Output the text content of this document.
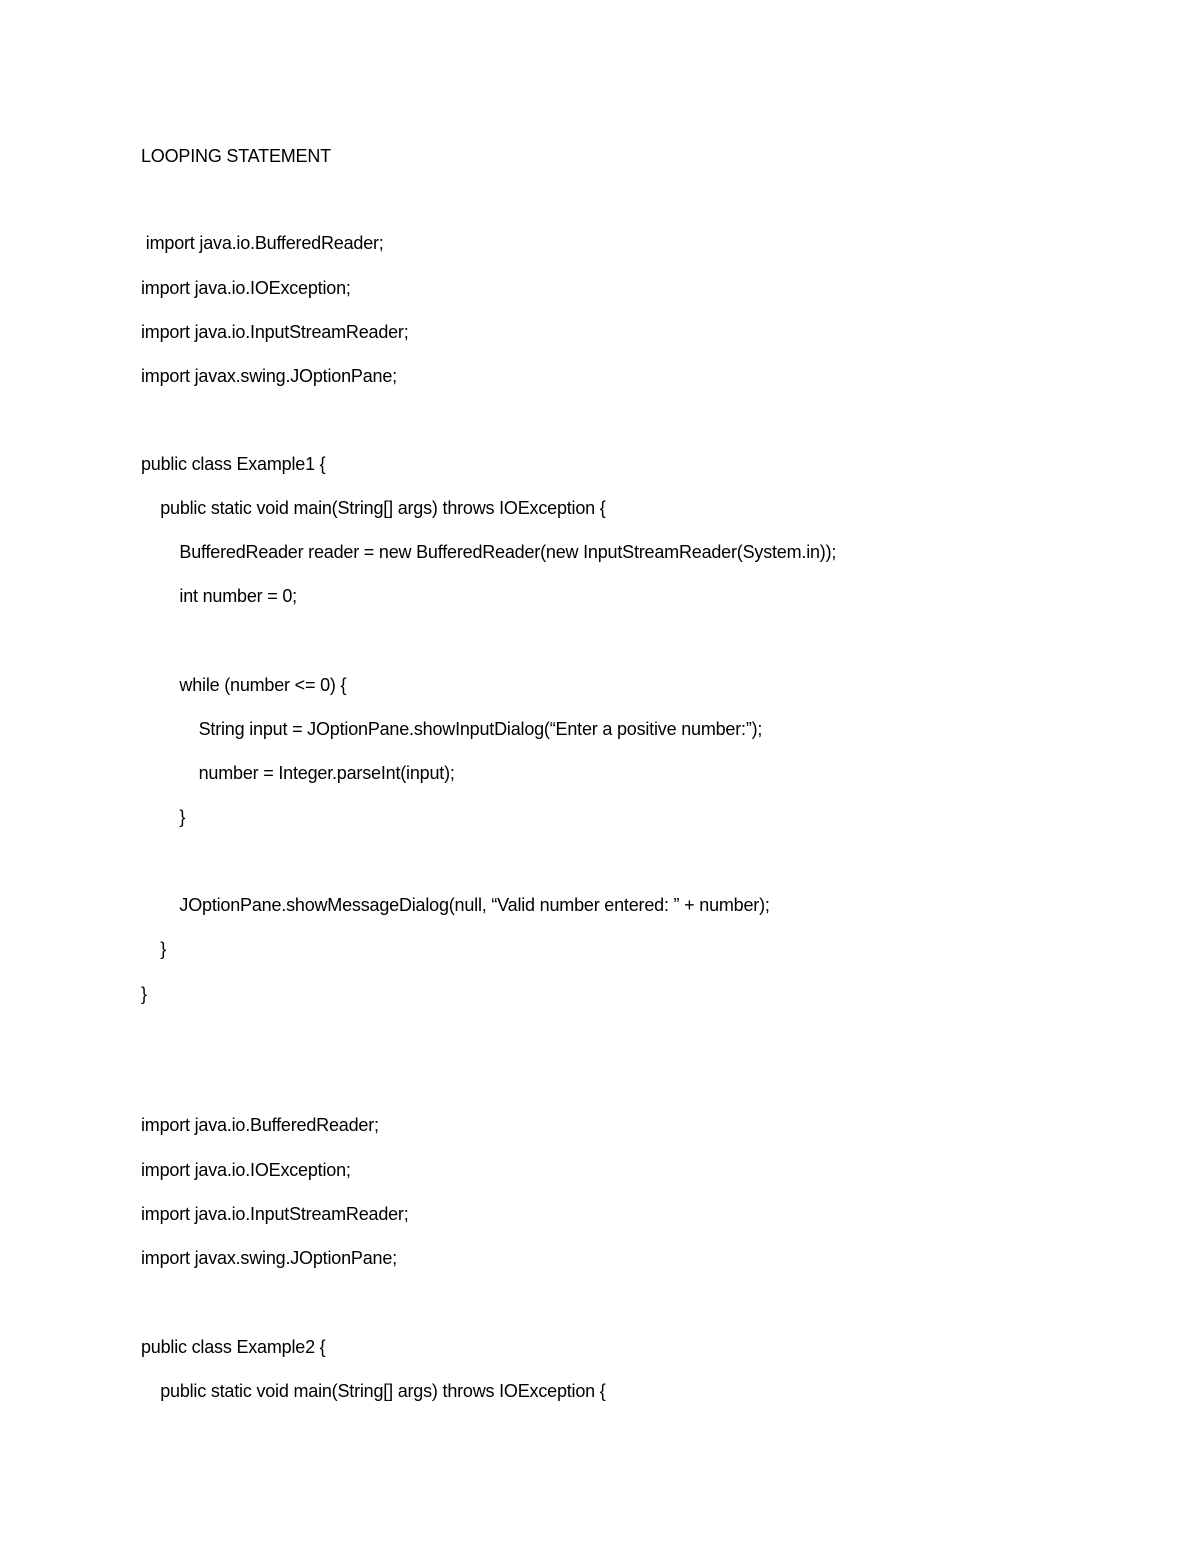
LOOPING STATEMENT
import java.io.BufferedReader;
import java.io.IOException;
import java.io.InputStreamReader;
import javax.swing.JOptionPane;
public class Example1 {
public static void main(String[] args) throws IOException {
BufferedReader reader = new BufferedReader(new InputStreamReader(System.in));
int number = 0;
while (number <= 0) {
String input = JOptionPane.showInputDialog(“Enter a positive number:”);
number = Integer.parseInt(input);
}
JOptionPane.showMessageDialog(null, “Valid number entered: ” + number);
}
}
import java.io.BufferedReader;
import java.io.IOException;
import java.io.InputStreamReader;
import javax.swing.JOptionPane;
public class Example2 {
public static void main(String[] args) throws IOException {
